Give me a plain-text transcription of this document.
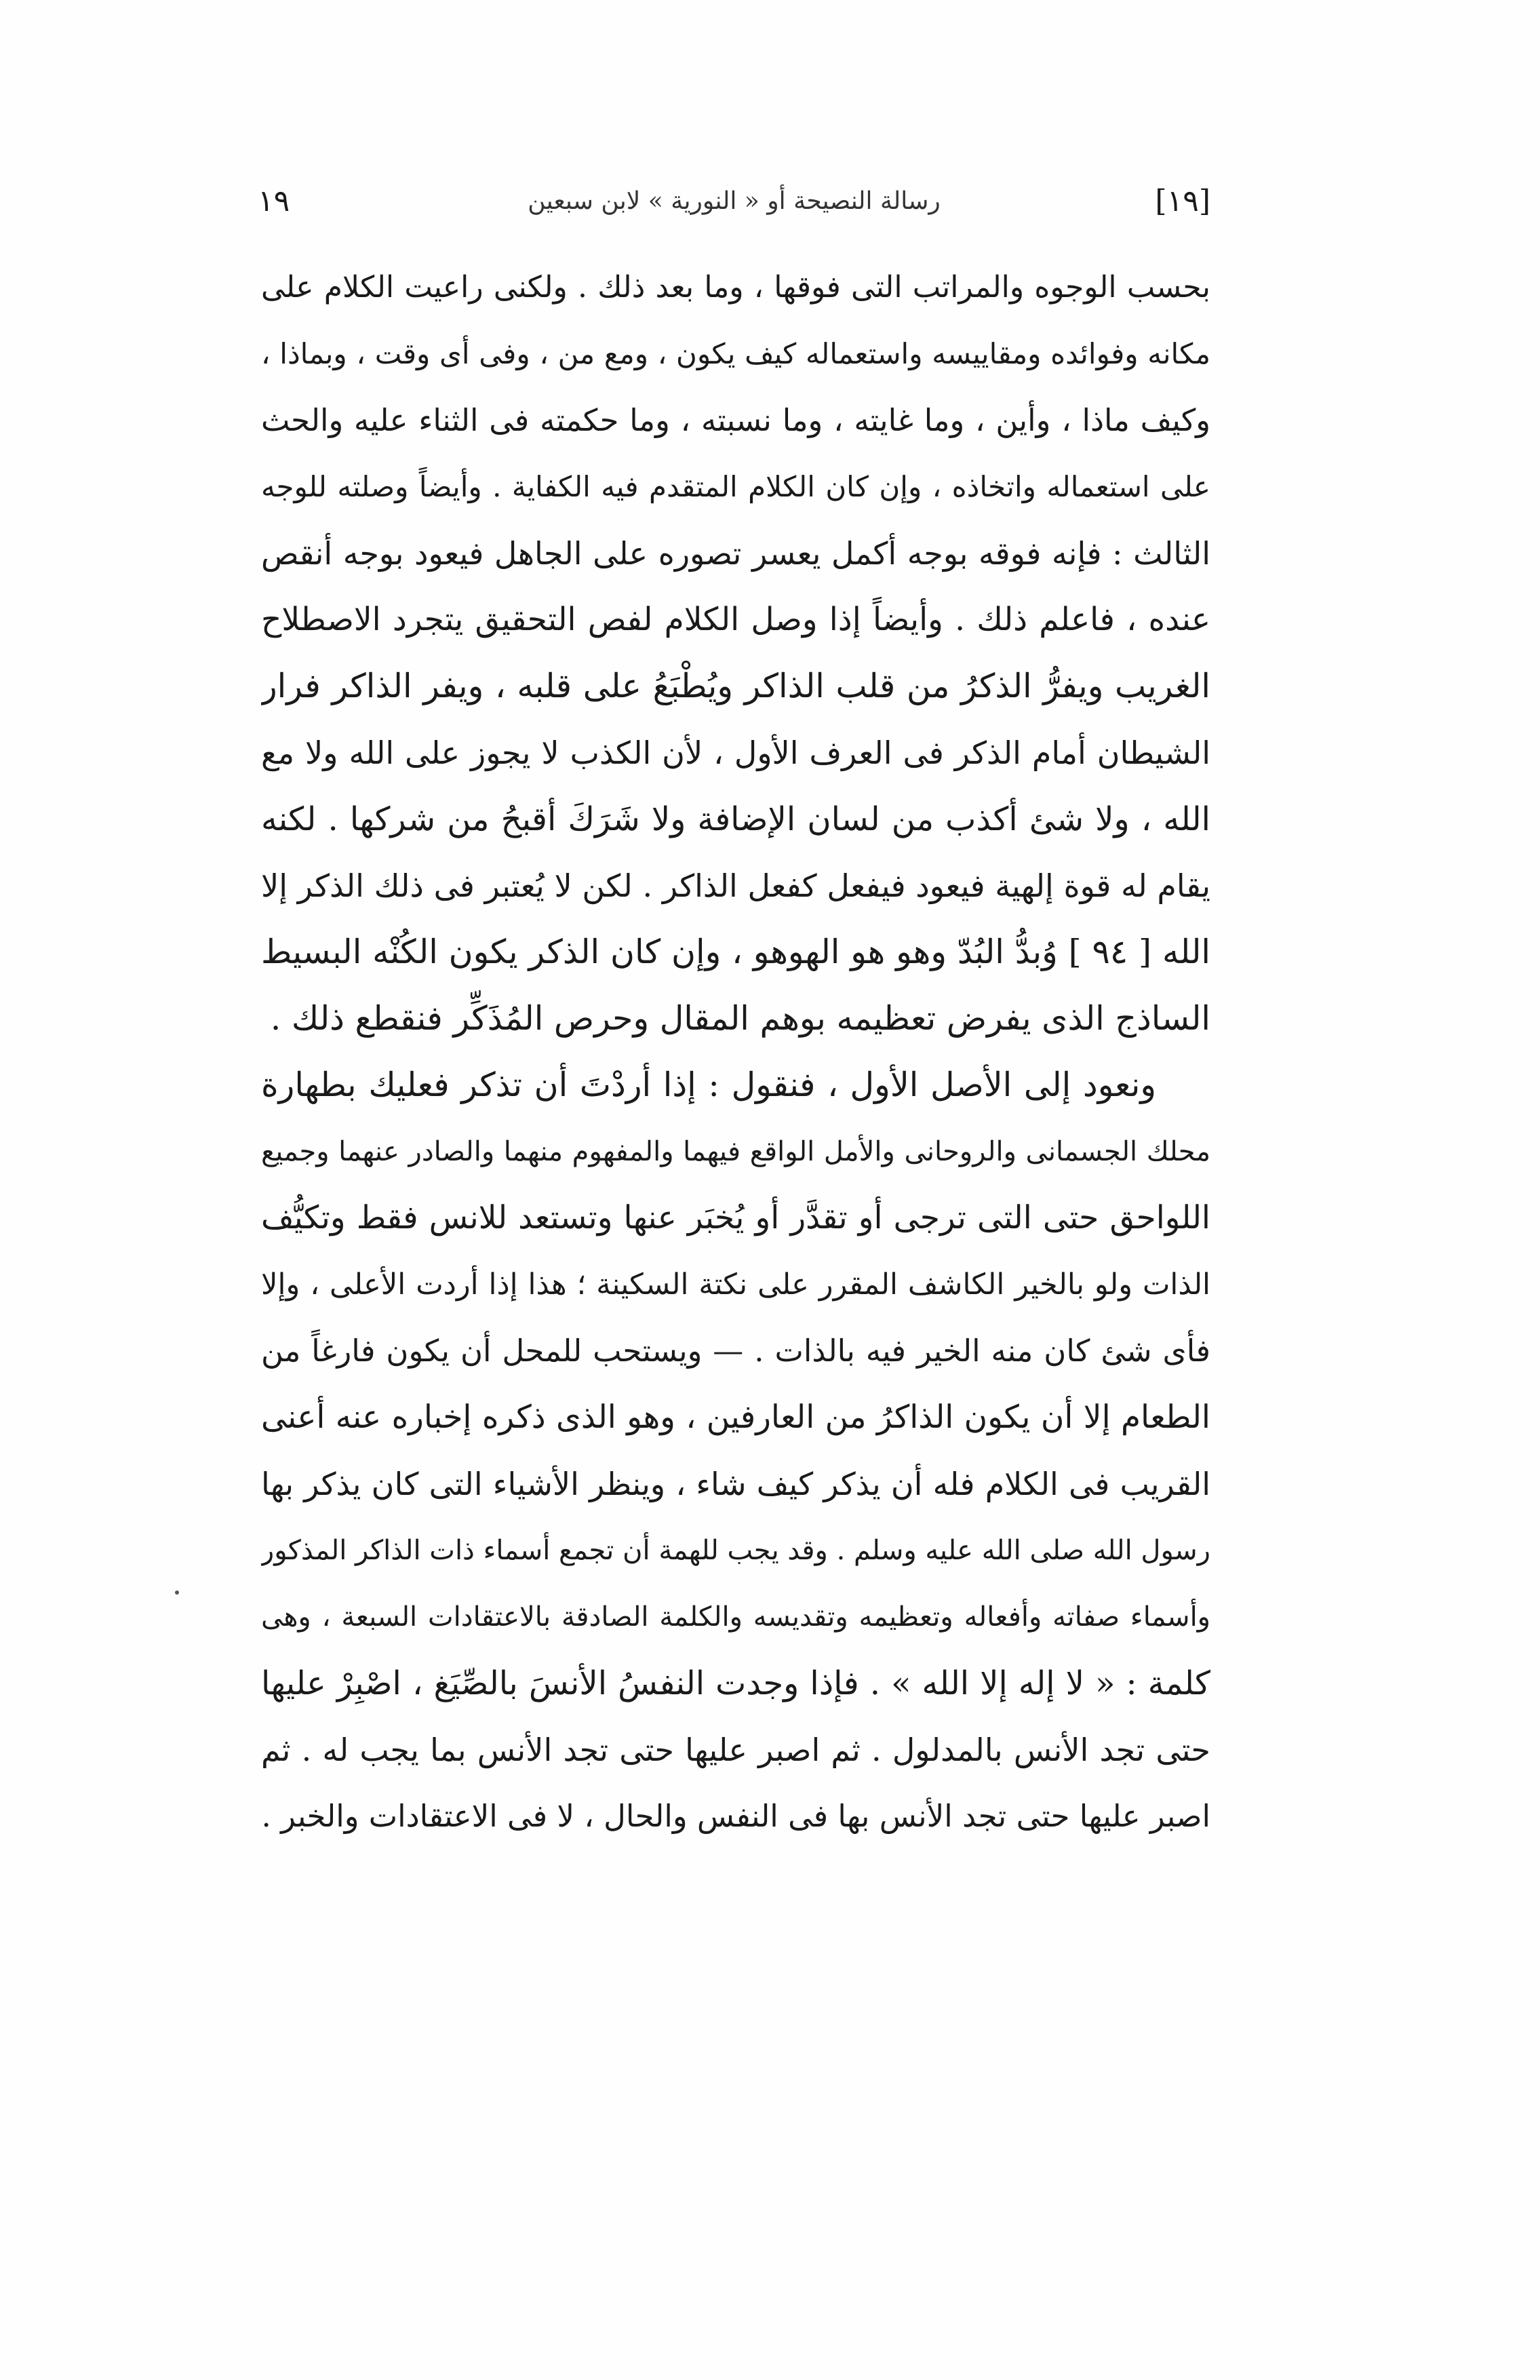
[١٩]
رسالة النصيحة أو « النورية » لابن سبعين
١٩
بحسب الوجوه والمراتب التى فوقها ، وما بعد ذلك . ولكنى راعيت الكلام على
مكانه وفوائده ومقاييسه واستعماله كيف يكون ، ومع من ، وفى أى وقت ، وبماذا ،
وكيف ماذا ، وأين ، وما غايته ، وما نسبته ، وما حكمته فى الثناء عليه والحث
على استعماله واتخاذه ، وإن كان الكلام المتقدم فيه الكفاية . وأيضاً وصلته للوجه
الثالث : فإنه فوقه بوجه أكمل يعسر تصوره على الجاهل فيعود بوجه أنقص
عنده ، فاعلم ذلك . وأيضاً إذا وصل الكلام لفص التحقيق يتجرد الاصطلاح
الغريب ويفرُّ الذكرُ من قلب الذاكر ويُطْبَعُ على قلبه ، ويفر الذاكر فرار
الشيطان أمام الذكر فى العرف الأول ، لأن الكذب لا يجوز على الله ولا مع
الله ، ولا شئ أكذب من لسان الإضافة ولا شَرَكَ أقبحُ من شركها . لكنه
يقام له قوة إلهية فيعود فيفعل كفعل الذاكر . لكن لا يُعتبر فى ذلك الذكر إلا
الله [ ٩٤ ] وُبدُّ البُدّ وهو هو الهوهو ، وإن كان الذكر يكون الكُنْه البسيط
الساذج الذى يفرض تعظيمه بوهم المقال وحرص المُذَكِّر فنقطع ذلك .
ونعود إلى الأصل الأول ، فنقول : إذا أردْتَ أن تذكر فعليك بطهارة
محلك الجسمانى والروحانى والأمل الواقع فيهما والمفهوم منهما والصادر عنهما وجميع
اللواحق حتى التى ترجى أو تقدَّر أو يُخبَر عنها وتستعد للانس فقط وتكيُّف
الذات ولو بالخير الكاشف المقرر على نكتة السكينة ؛ هذا إذا أردت الأعلى ، وإلا
فأى شئ كان منه الخير فيه بالذات . — ويستحب للمحل أن يكون فارغاً من
الطعام إلا أن يكون الذاكرُ من العارفين ، وهو الذى ذكره إخباره عنه أعنى
القريب فى الكلام فله أن يذكر كيف شاء ، وينظر الأشياء التى كان يذكر بها
رسول الله صلى الله عليه وسلم . وقد يجب للهمة أن تجمع أسماء ذات الذاكر المذكور
وأسماء صفاته وأفعاله وتعظيمه وتقديسه والكلمة الصادقة بالاعتقادات السبعة ، وهى
كلمة : « لا إله إلا الله » . فإذا وجدت النفسُ الأنسَ بالصِّيَغ ، اصْبِرْ عليها
حتى تجد الأنس بالمدلول . ثم اصبر عليها حتى تجد الأنس بما يجب له . ثم
اصبر عليها حتى تجد الأنس بها فى النفس والحال ، لا فى الاعتقادات والخبر .
